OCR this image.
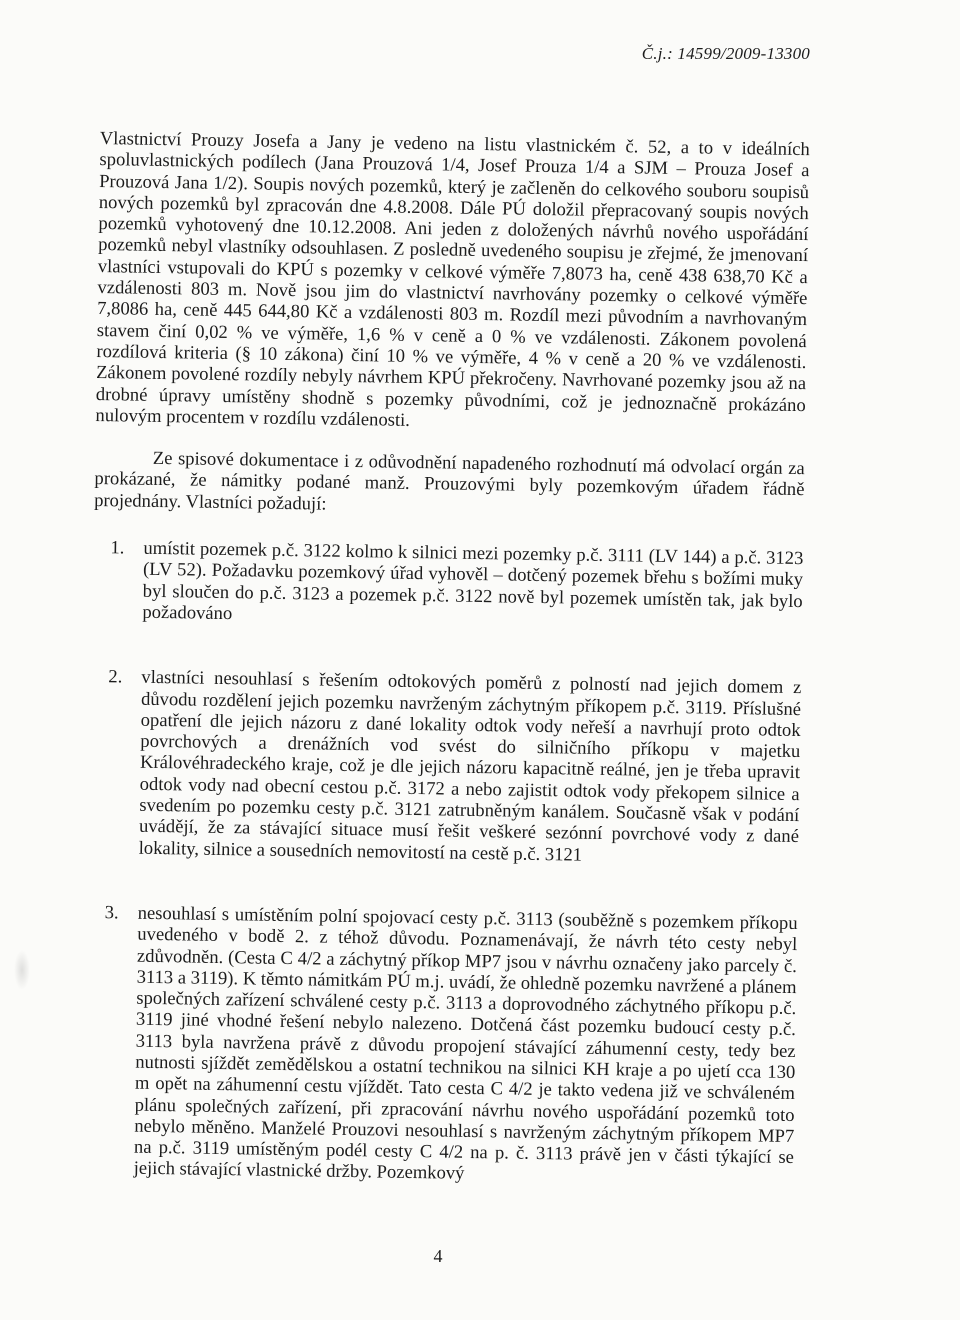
Č.j.: 14599/2009-13300

Vlastnictví Prouzy Josefa a Jany je vedeno na listu vlastnickém č. 52, a to v ideálních spoluvlastnických podílech (Jana Prouzová 1/4, Josef Prouza 1/4 a SJM – Prouza Josef a Prouzová Jana 1/2). Soupis nových pozemků, který je začleněn do celkového souboru soupisů nových pozemků byl zpracován dne 4.8.2008. Dále PÚ doložil přepracovaný soupis nových pozemků vyhotovený dne 10.12.2008. Ani jeden z doložených návrhů nového uspořádání pozemků nebyl vlastníky odsouhlasen. Z posledně uvedeného soupisu je zřejmé, že jmenovaní vlastníci vstupovali do KPÚ s pozemky v celkové výměře 7,8073 ha, ceně 438 638,70 Kč a vzdálenosti 803 m. Nově jsou jim do vlastnictví navrhovány pozemky o celkové výměře 7,8086 ha, ceně 445 644,80 Kč a vzdálenosti 803 m. Rozdíl mezi původním a navrhovaným stavem činí 0,02 % ve výměře, 1,6 % v ceně a 0 % ve vzdálenosti. Zákonem povolená rozdílová kriteria (§ 10 zákona) činí 10 % ve výměře, 4 % v ceně a 20 % ve vzdálenosti. Zákonem povolené rozdíly nebyly návrhem KPÚ překročeny. Navrhované pozemky jsou až na drobné úpravy umístěny shodně s pozemky původními, což je jednoznačně prokázáno nulovým procentem v rozdílu vzdálenosti.

Ze spisové dokumentace i z odůvodnění napadeného rozhodnutí má odvolací orgán za prokázané, že námitky podané manž. Prouzovými byly pozemkovým úřadem řádně projednány. Vlastníci požadují:

1.	umístit pozemek p.č. 3122 kolmo k silnici mezi pozemky p.č. 3111 (LV 144) a p.č. 3123 (LV 52). Požadavku pozemkový úřad vyhověl – dotčený pozemek břehu s božími muky byl sloučen do p.č. 3123 a pozemek p.č. 3122 nově byl pozemek umístěn tak, jak bylo požadováno

2.	vlastníci nesouhlasí s řešením odtokových poměrů z polností nad jejich domem z důvodu rozdělení jejich pozemku navrženým záchytným příkopem p.č. 3119. Příslušné opatření dle jejich názoru z dané lokality odtok vody neřeší a navrhují proto odtok povrchových a drenážních vod svést do silničního příkopu v majetku Královéhradeckého kraje, což je dle jejich názoru kapacitně reálné, jen je třeba upravit odtok vody nad obecní cestou p.č. 3172 a nebo zajistit odtok vody překopem silnice a svedením po pozemku cesty p.č. 3121 zatrubněným kanálem. Současně však v podání uvádějí, že za stávající situace musí řešit veškeré sezónní povrchové vody z dané lokality, silnice a sousedních nemovitostí na cestě p.č. 3121

3.	nesouhlasí s umístěním polní spojovací cesty p.č. 3113 (souběžně s pozemkem příkopu uvedeného v bodě 2. z téhož důvodu. Poznamenávají, že návrh této cesty nebyl zdůvodněn. (Cesta C 4/2 a záchytný příkop MP7 jsou v návrhu označeny jako parcely č. 3113 a 3119). K těmto námitkám PÚ m.j. uvádí, že ohledně pozemku navržené a plánem společných zařízení schválené cesty p.č. 3113 a doprovodného záchytného příkopu p.č. 3119 jiné vhodné řešení nebylo nalezeno. Dotčená část pozemku budoucí cesty p.č. 3113 byla navržena právě z důvodu propojení stávající záhumenní cesty, tedy bez nutnosti sjíždět zemědělskou a ostatní technikou na silnici KH kraje a po ujetí cca 130 m opět na záhumenní cestu vjíždět. Tato cesta C 4/2 je takto vedena již ve schváleném plánu společných zařízení, při zpracování návrhu nového uspořádání pozemků toto nebylo měněno. Manželé Prouzovi nesouhlasí s navrženým záchytným příkopem MP7 na p.č. 3119 umístěným podél cesty C 4/2 na p. č. 3113 právě jen v části týkající se jejich stávající vlastnické držby. Pozemkový

4
